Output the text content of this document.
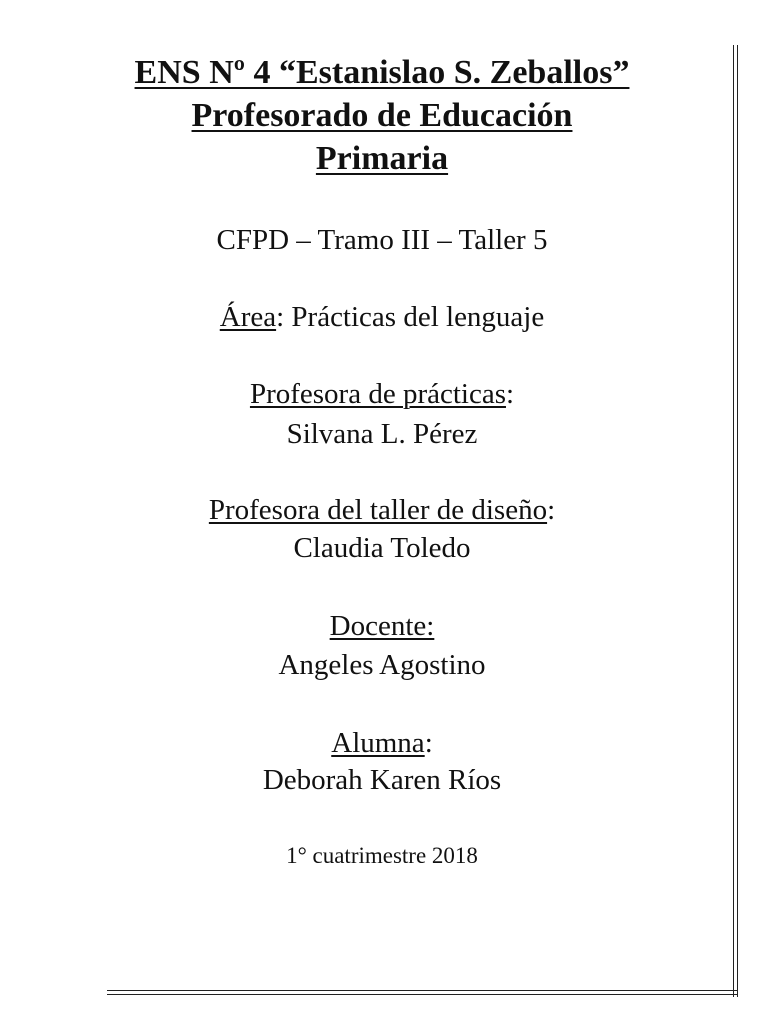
ENS Nº 4 “Estanislao S. Zeballos”
Profesorado de Educación
Primaria
CFPD – Tramo III – Taller 5
Área: Prácticas del lenguaje
Profesora de prácticas:
Silvana L. Pérez
Profesora del taller de diseño:
Claudia Toledo
Docente:
Angeles Agostino
Alumna:
Deborah Karen Ríos
1° cuatrimestre 2018
